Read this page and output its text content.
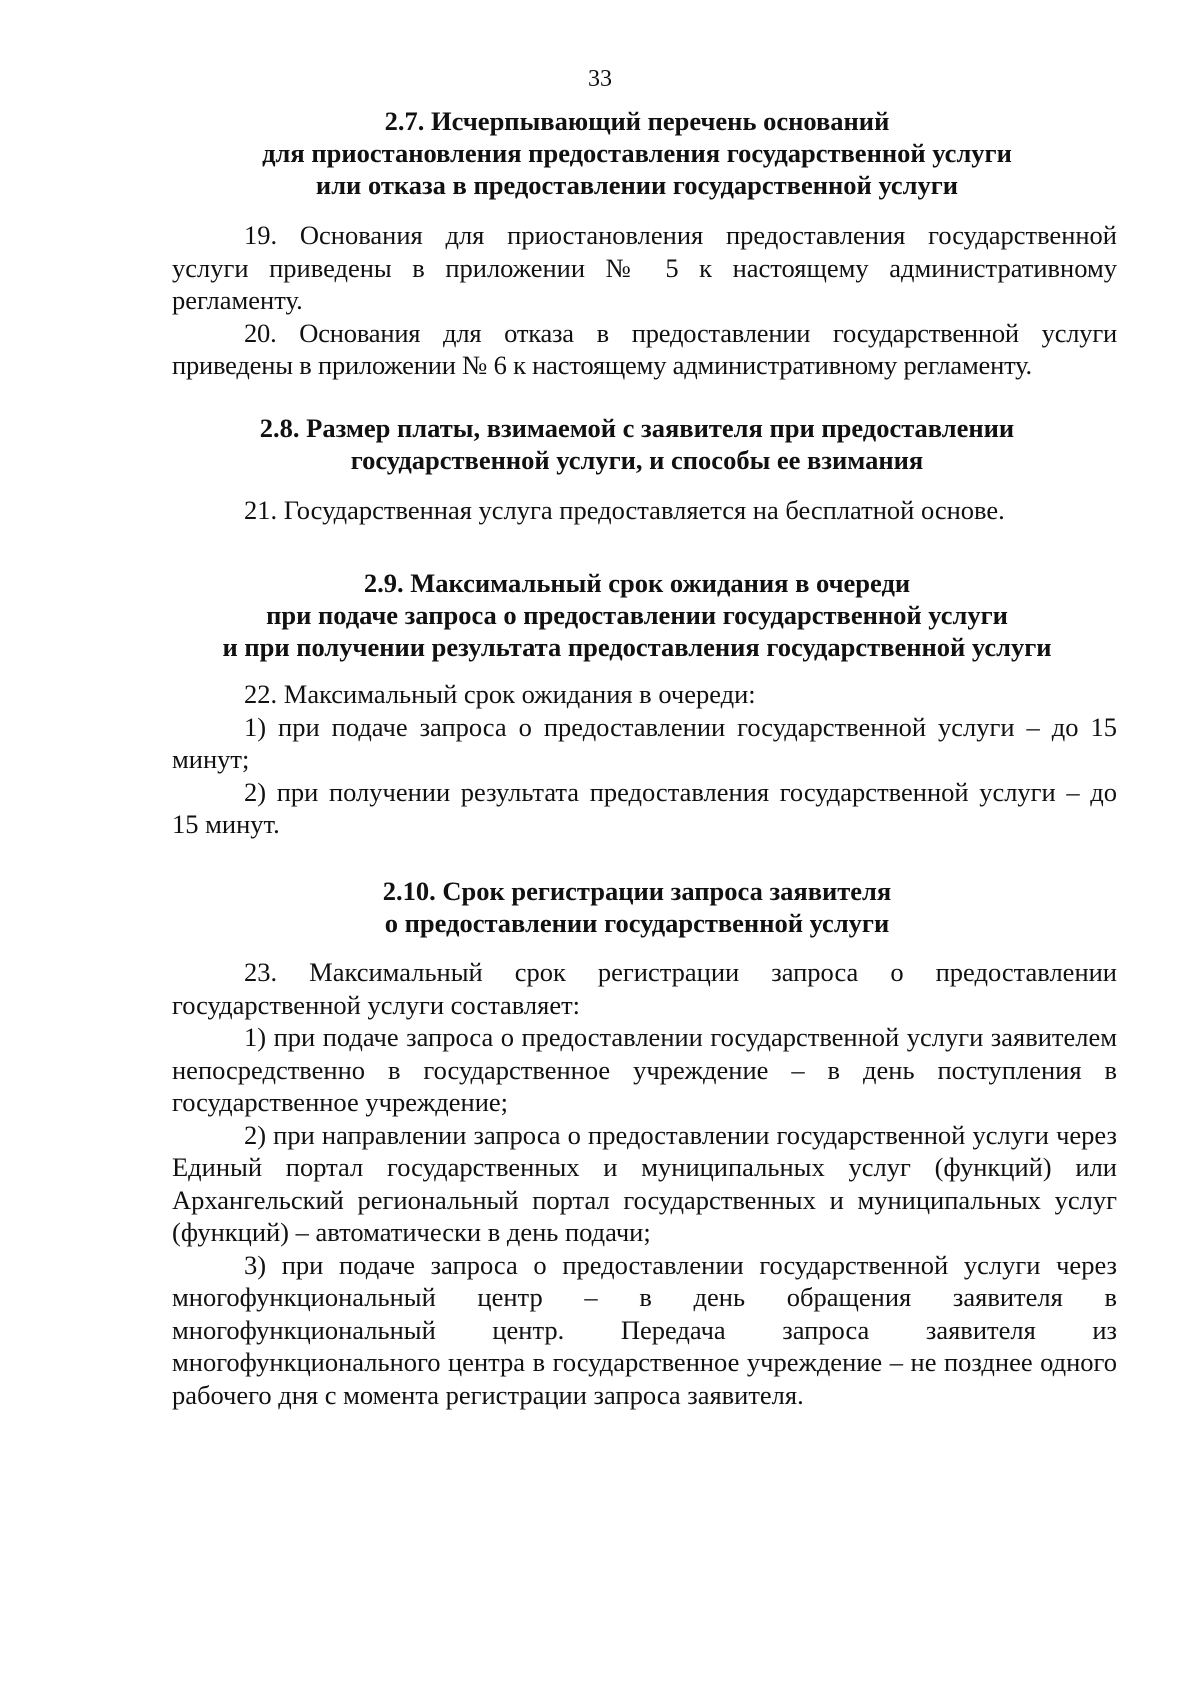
33
2.7. Исчерпывающий перечень оснований
для приостановления предоставления государственной услуги
или отказа в предоставлении государственной услуги

19. Основания для приостановления предоставления государственной услуги приведены в приложении № 5 к настоящему административному регламенту.

20. Основания для отказа в предоставлении государственной услуги приведены в приложении № 6 к настоящему административному регламенту.

2.8. Размер платы, взимаемой с заявителя при предоставлении
государственной услуги, и способы ее взимания

21. Государственная услуга предоставляется на бесплатной основе.

2.9. Максимальный срок ожидания в очереди
при подаче запроса о предоставлении государственной услуги
и при получении результата предоставления государственной услуги

22. Максимальный срок ожидания в очереди:

1) при подаче запроса о предоставлении государственной услуги – до 15 минут;

2) при получении результата предоставления государственной услуги – до 15 минут.

2.10. Срок регистрации запроса заявителя
о предоставлении государственной услуги

23. Максимальный срок регистрации запроса о предоставлении государственной услуги составляет:

1) при подаче запроса о предоставлении государственной услуги заявителем непосредственно в государственное учреждение – в день поступления в государственное учреждение;

2) при направлении запроса о предоставлении государственной услуги через Единый портал государственных и муниципальных услуг (функций) или Архангельский региональный портал государственных и муниципальных услуг (функций) – автоматически в день подачи;

3) при подаче запроса о предоставлении государственной услуги через многофункциональный центр – в день обращения заявителя в многофункциональный центр. Передача запроса заявителя из многофункционального центра в государственное учреждение – не позднее одного рабочего дня с момента регистрации запроса заявителя.
